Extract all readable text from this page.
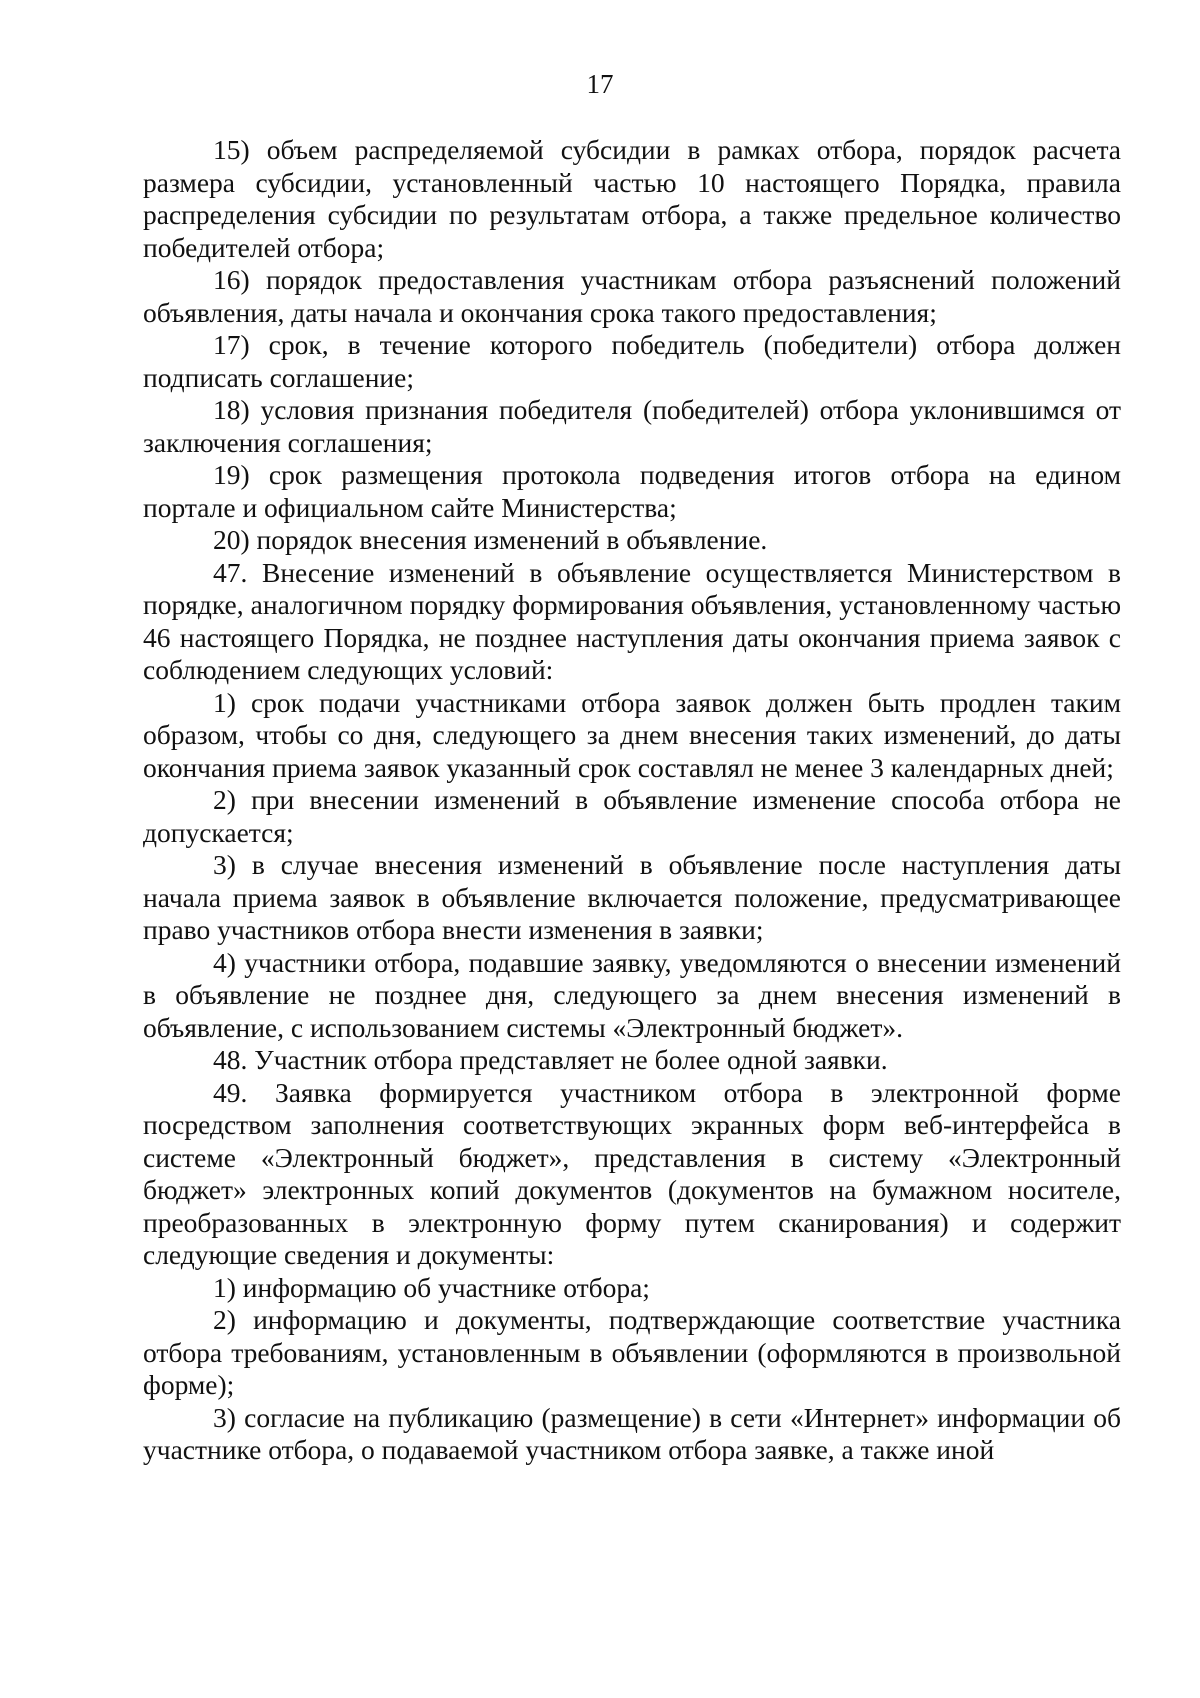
17

15) объем распределяемой субсидии в рамках отбора, порядок расчета размера субсидии, установленный частью 10 настоящего Порядка, правила распределения субсидии по результатам отбора, а также предельное количество победителей отбора;

16) порядок предоставления участникам отбора разъяснений положений объявления, даты начала и окончания срока такого предоставления;

17) срок, в течение которого победитель (победители) отбора должен подписать соглашение;

18) условия признания победителя (победителей) отбора уклонившимся от заключения соглашения;

19) срок размещения протокола подведения итогов отбора на едином портале и официальном сайте Министерства;

20) порядок внесения изменений в объявление.

47. Внесение изменений в объявление осуществляется Министерством в порядке, аналогичном порядку формирования объявления, установленному частью 46 настоящего Порядка, не позднее наступления даты окончания приема заявок с соблюдением следующих условий:

1) срок подачи участниками отбора заявок должен быть продлен таким образом, чтобы со дня, следующего за днем внесения таких изменений, до даты окончания приема заявок указанный срок составлял не менее 3 календарных дней;

2) при внесении изменений в объявление изменение способа отбора не допускается;

3) в случае внесения изменений в объявление после наступления даты начала приема заявок в объявление включается положение, предусматривающее право участников отбора внести изменения в заявки;

4) участники отбора, подавшие заявку, уведомляются о внесении изменений в объявление не позднее дня, следующего за днем внесения изменений в объявление, с использованием системы «Электронный бюджет».

48. Участник отбора представляет не более одной заявки.

49. Заявка формируется участником отбора в электронной форме посредством заполнения соответствующих экранных форм веб-интерфейса в системе «Электронный бюджет», представления в систему «Электронный бюджет» электронных копий документов (документов на бумажном носителе, преобразованных в электронную форму путем сканирования) и содержит следующие сведения и документы:

1) информацию об участнике отбора;

2) информацию и документы, подтверждающие соответствие участника отбора требованиям, установленным в объявлении (оформляются в произвольной форме);

3) согласие на публикацию (размещение) в сети «Интернет» информации об участнике отбора, о подаваемой участником отбора заявке, а также иной
